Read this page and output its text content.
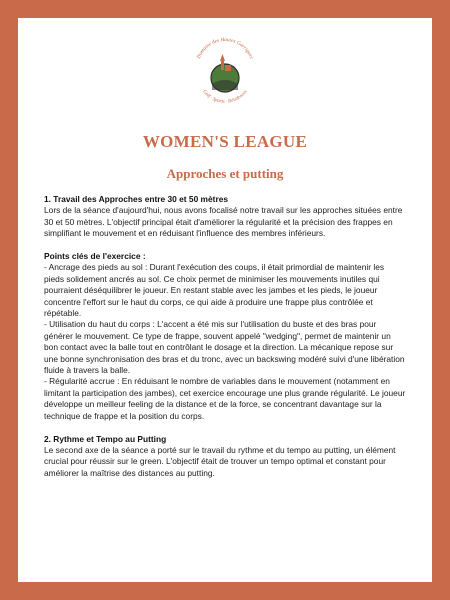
Domaine des Hautes Garrigues
Golf · Sports · Résidences
WOMEN'S LEAGUE
Approches et putting

1. Travail des Approches entre 30 et 50 mètres

Lors de la séance d'aujourd'hui, nous avons focalisé notre travail sur les approches situées entre 30 et 50 mètres. L'objectif principal était d'améliorer la régularité et la précision des frappes en simplifiant le mouvement et en réduisant l'influence des membres inférieurs.

Points clés de l'exercice :

- Ancrage des pieds au sol : Durant l'exécution des coups, il était primordial de maintenir les pieds solidement ancrés au sol. Ce choix permet de minimiser les mouvements inutiles qui pourraient déséquilibrer le joueur. En restant stable avec les jambes et les pieds, le joueur concentre l'effort sur le haut du corps, ce qui aide à produire une frappe plus contrôlée et répétable.

- Utilisation du haut du corps : L'accent a été mis sur l'utilisation du buste et des bras pour générer le mouvement. Ce type de frappe, souvent appelé "wedging", permet de maintenir un bon contact avec la balle tout en contrôlant le dosage et la direction. La mécanique repose sur une bonne synchronisation des bras et du tronc, avec un backswing modéré suivi d'une libération fluide à travers la balle.

- Régularité accrue : En réduisant le nombre de variables dans le mouvement (notamment en limitant la participation des jambes), cet exercice encourage une plus grande régularité. Le joueur

développe un meilleur feeling de la distance et de la force, se concentrant davantage sur la technique de frappe et la position du corps.

2. Rythme et Tempo au Putting

Le second axe de la séance a porté sur le travail du rythme et du tempo au putting, un élément crucial pour réussir sur le green. L'objectif était de trouver un tempo optimal et constant pour améliorer la maîtrise des distances au putting.
